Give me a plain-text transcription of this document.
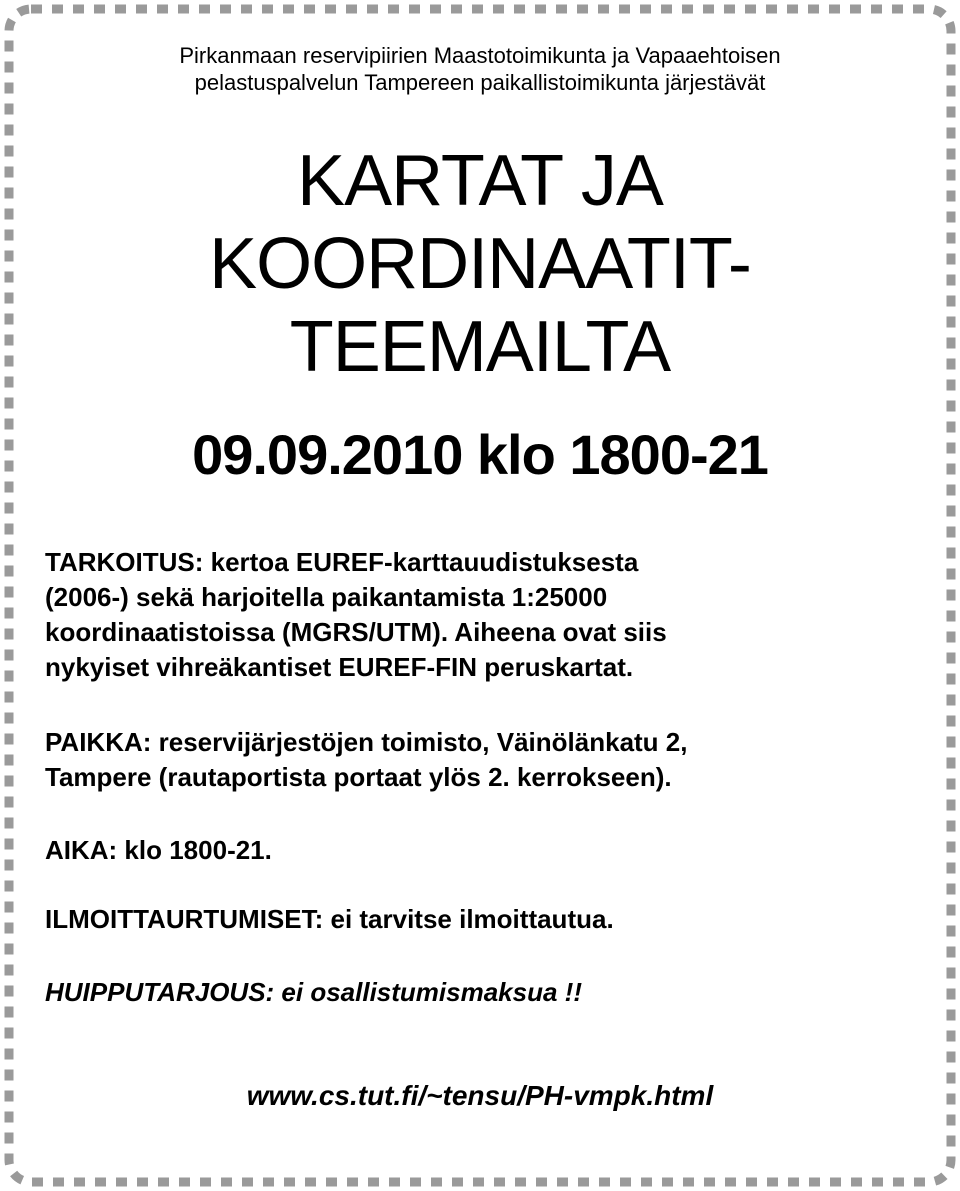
Pirkanmaan reservipiirien Maastotoimikunta ja Vapaaehtoisen
pelastuspalvelun Tampereen paikallistoimikunta järjestävät
KARTAT JA
KOORDINAATIT-
TEEMAILTA
09.09.2010 klo 1800-21
TARKOITUS: kertoa EUREF-karttauudistuksesta
(2006-) sekä harjoitella paikantamista 1:25000
koordinaatistoissa (MGRS/UTM). Aiheena ovat siis
nykyiset vihreäkantiset EUREF-FIN peruskartat.
PAIKKA: reservijärjestöjen toimisto, Väinölänkatu 2,
Tampere (rautaportista portaat ylös 2. kerrokseen).
AIKA: klo 1800-21.
ILMOITTAURTUMISET: ei tarvitse ilmoittautua.
HUIPPUTARJOUS: ei osallistumismaksua !!
www.cs.tut.fi/~tensu/PH-vmpk.html
